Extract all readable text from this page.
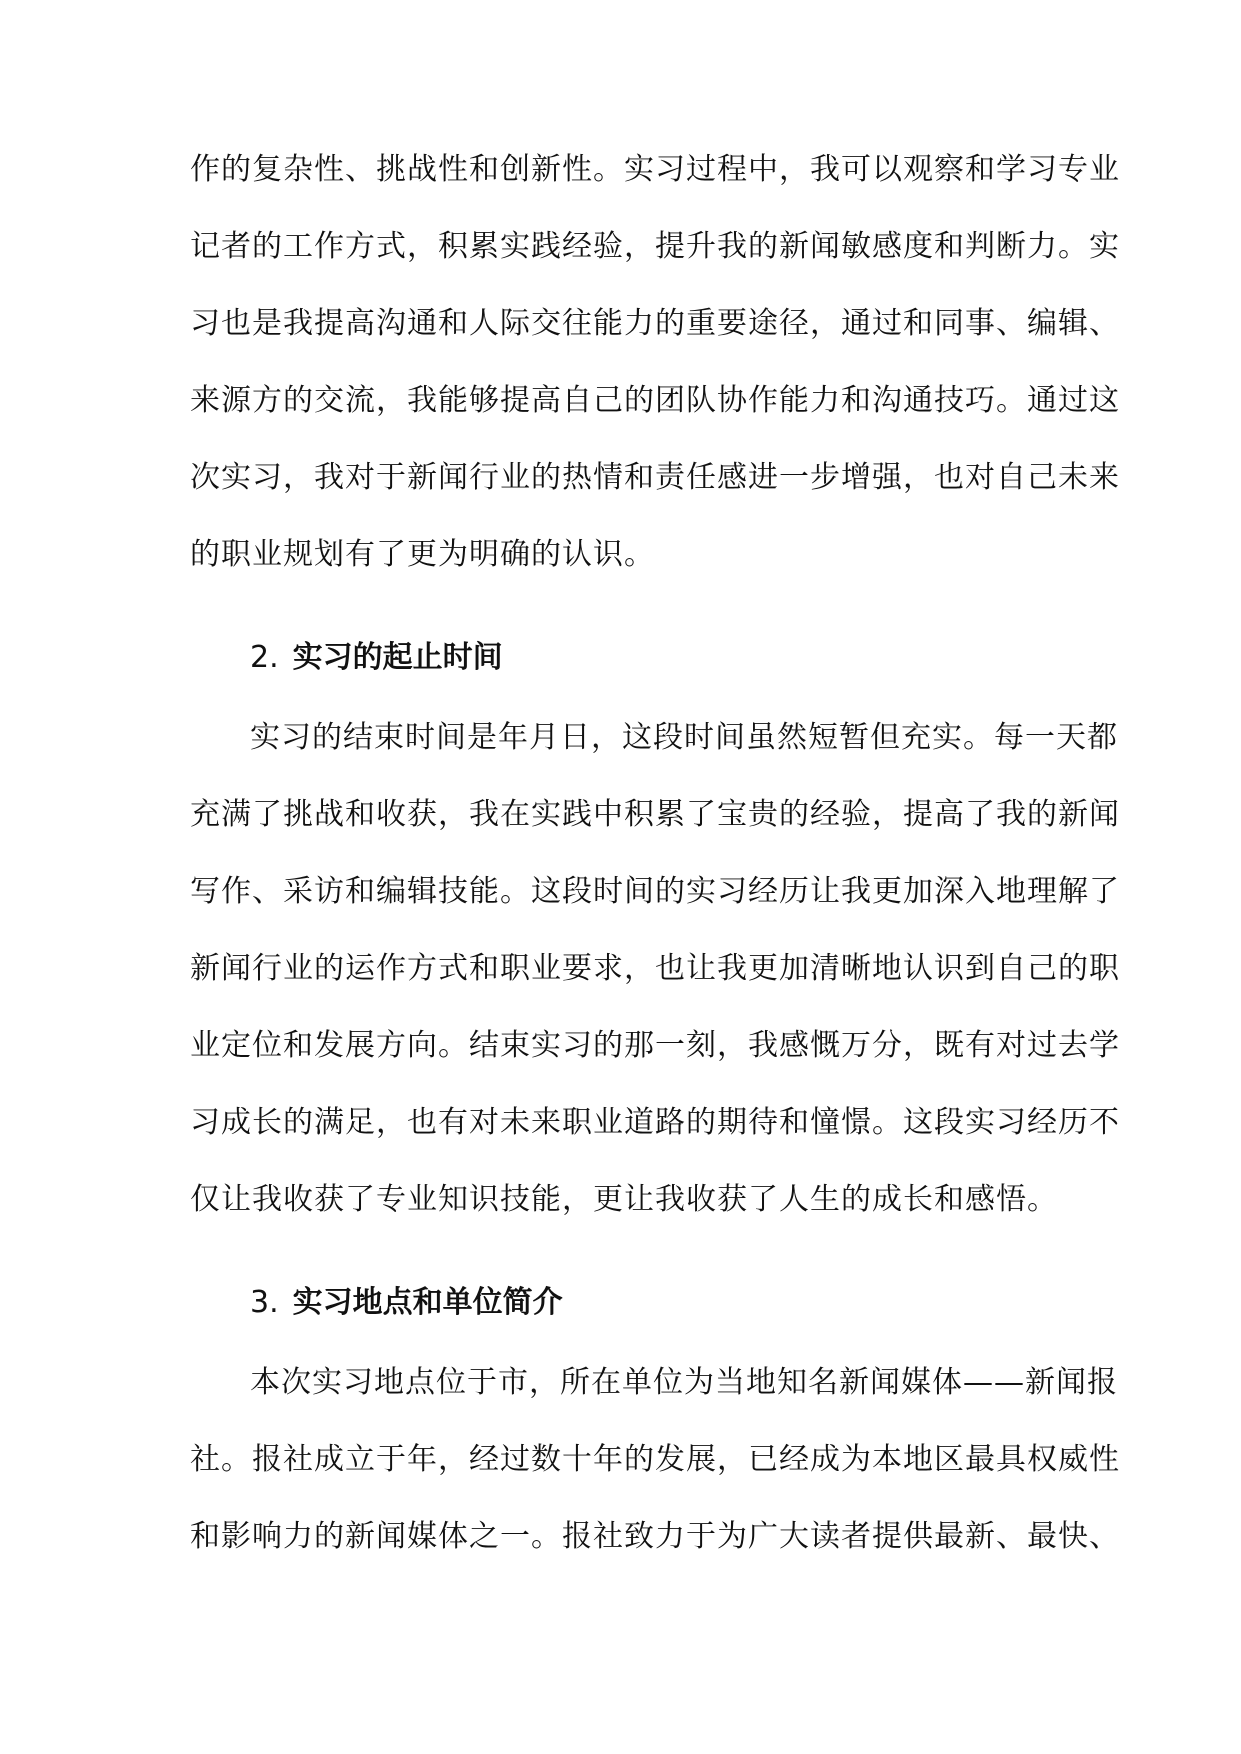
作的复杂性、挑战性和创新性。实习过程中，我可以观察和学习专业
记者的工作方式，积累实践经验，提升我的新闻敏感度和判断力。实
习也是我提高沟通和人际交往能力的重要途径，通过和同事、编辑、
来源方的交流，我能够提高自己的团队协作能力和沟通技巧。通过这
次实习，我对于新闻行业的热情和责任感进一步增强，也对自己未来
的职业规划有了更为明确的认识。
2. 实习的起止时间
实习的结束时间是年月日，这段时间虽然短暂但充实。每一天都
充满了挑战和收获，我在实践中积累了宝贵的经验，提高了我的新闻
写作、采访和编辑技能。这段时间的实习经历让我更加深入地理解了
新闻行业的运作方式和职业要求，也让我更加清晰地认识到自己的职
业定位和发展方向。结束实习的那一刻，我感慨万分，既有对过去学
习成长的满足，也有对未来职业道路的期待和憧憬。这段实习经历不
仅让我收获了专业知识技能，更让我收获了人生的成长和感悟。
3. 实习地点和单位简介
本次实习地点位于市，所在单位为当地知名新闻媒体——新闻报
社。报社成立于年，经过数十年的发展，已经成为本地区最具权威性
和影响力的新闻媒体之一。报社致力于为广大读者提供最新、最快、
